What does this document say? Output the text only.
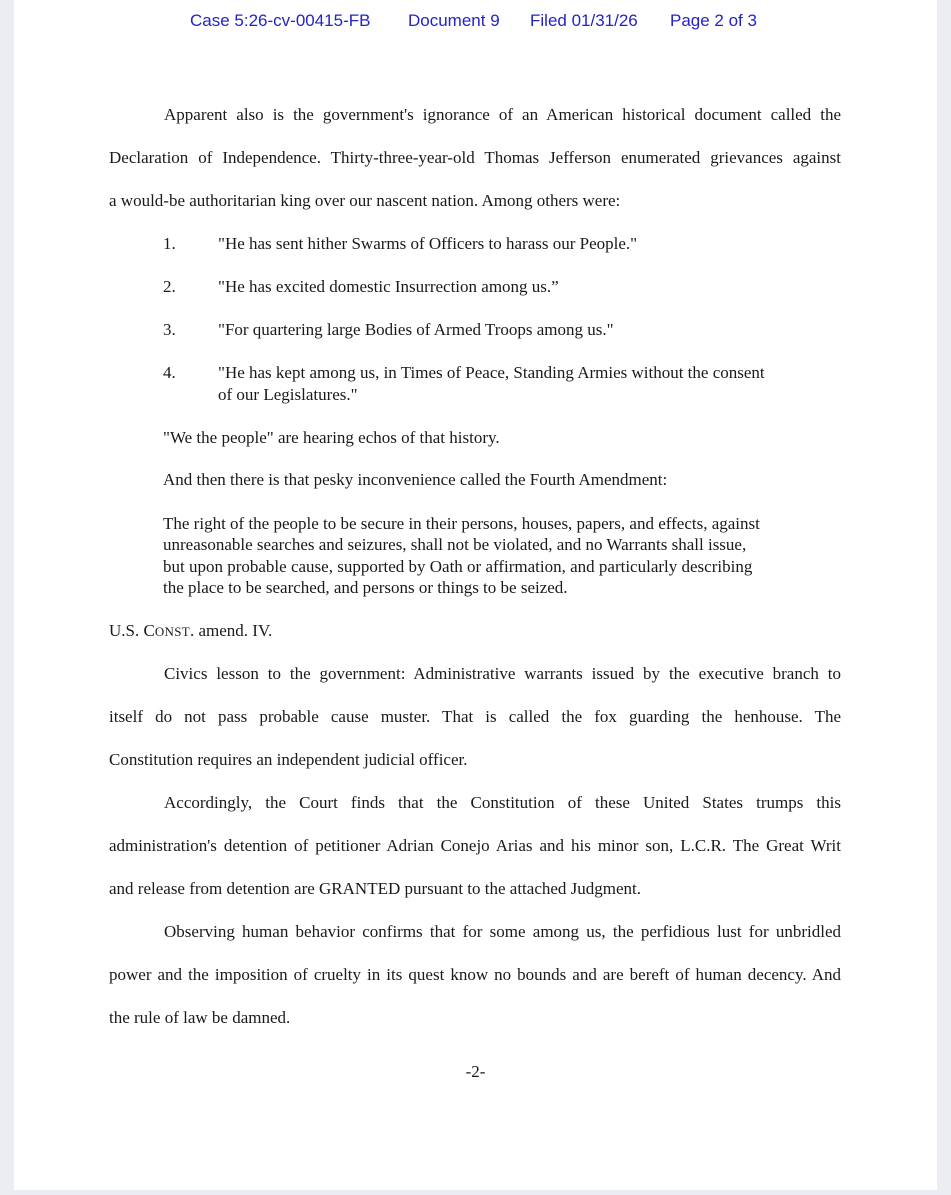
Case 5:26-cv-00415-FB Document 9 Filed 01/31/26 Page 2 of 3
Apparent also is the government's ignorance of an American historical document called the
Declaration of Independence. Thirty-three-year-old Thomas Jefferson enumerated grievances against
a would-be authoritarian king over our nascent nation. Among others were:
1. "He has sent hither Swarms of Officers to harass our People."
2. "He has excited domestic Insurrection among us.”
3. "For quartering large Bodies of Armed Troops among us."
4. "He has kept among us, in Times of Peace, Standing Armies without the consent
of our Legislatures."
"We the people" are hearing echos of that history.
And then there is that pesky inconvenience called the Fourth Amendment:
The right of the people to be secure in their persons, houses, papers, and effects, against
unreasonable searches and seizures, shall not be violated, and no Warrants shall issue,
but upon probable cause, supported by Oath or affirmation, and particularly describing
the place to be searched, and persons or things to be seized.
U.S. CONST. amend. IV.
Civics lesson to the government: Administrative warrants issued by the executive branch to
itself do not pass probable cause muster. That is called the fox guarding the henhouse. The
Constitution requires an independent judicial officer.
Accordingly, the Court finds that the Constitution of these United States trumps this
administration's detention of petitioner Adrian Conejo Arias and his minor son, L.C.R. The Great Writ
and release from detention are GRANTED pursuant to the attached Judgment.
Observing human behavior confirms that for some among us, the perfidious lust for unbridled
power and the imposition of cruelty in its quest know no bounds and are bereft of human decency. And
the rule of law be damned.
-2-
